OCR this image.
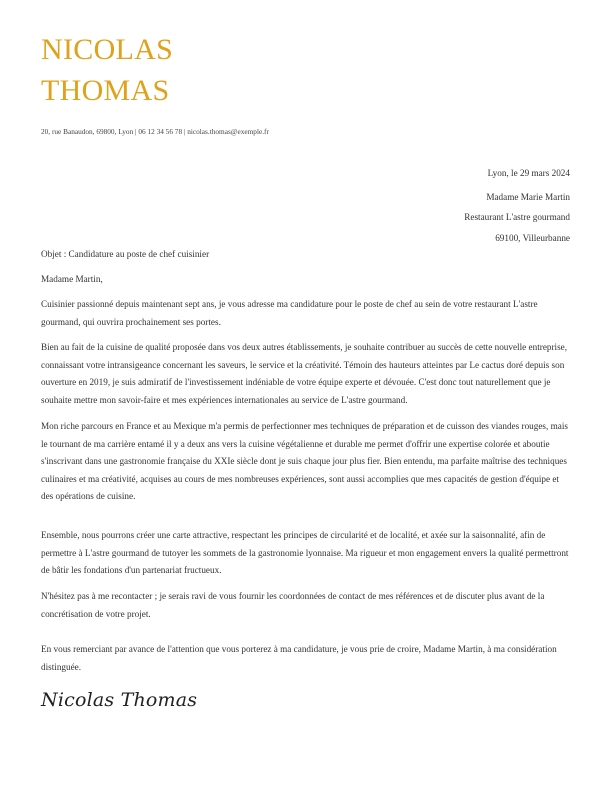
NICOLAS
THOMAS
20, rue Banaudon, 69800, Lyon | 06 12 34 56 78 | nicolas.thomas@exemple.fr
Lyon, le 29 mars 2024
Madame Marie Martin
Restaurant L'astre gourmand
69100, Villeurbanne

Objet : Candidature au poste de chef cuisinier

Madame Martin,

Cuisinier passionné depuis maintenant sept ans, je vous adresse ma candidature pour le poste de chef au sein de votre restaurant L'astre gourmand, qui ouvrira prochainement ses portes.

Bien au fait de la cuisine de qualité proposée dans vos deux autres établissements, je souhaite contribuer au succès de cette nouvelle entreprise, connaissant votre intransigeance concernant les saveurs, le service et la créativité. Témoin des hauteurs atteintes par Le cactus doré depuis son ouverture en 2019, je suis admiratif de l'investissement indéniable de votre équipe experte et dévouée. C'est donc tout naturellement que je souhaite mettre mon savoir-faire et mes expériences internationales au service de L'astre gourmand.

Mon riche parcours en France et au Mexique m'a permis de perfectionner mes techniques de préparation et de cuisson des viandes rouges, mais le tournant de ma carrière entamé il y a deux ans vers la cuisine végétalienne et durable me permet d'offrir une expertise colorée et aboutie s'inscrivant dans une gastronomie française du XXIe siècle dont je suis chaque jour plus fier. Bien entendu, ma parfaite maîtrise des techniques culinaires et ma créativité, acquises au cours de mes nombreuses expériences, sont aussi accomplies que mes capacités de gestion d'équipe et des opérations de cuisine.

Ensemble, nous pourrons créer une carte attractive, respectant les principes de circularité et de localité, et axée sur la saisonnalité, afin de permettre à L'astre gourmand de tutoyer les sommets de la gastronomie lyonnaise. Ma rigueur et mon engagement envers la qualité permettront de bâtir les fondations d'un partenariat fructueux.

N'hésitez pas à me recontacter ; je serais ravi de vous fournir les coordonnées de contact de mes références et de discuter plus avant de la concrétisation de votre projet.

En vous remerciant par avance de l'attention que vous porterez à ma candidature, je vous prie de croire, Madame Martin, à ma considération distinguée.

Nicolas Thomas
